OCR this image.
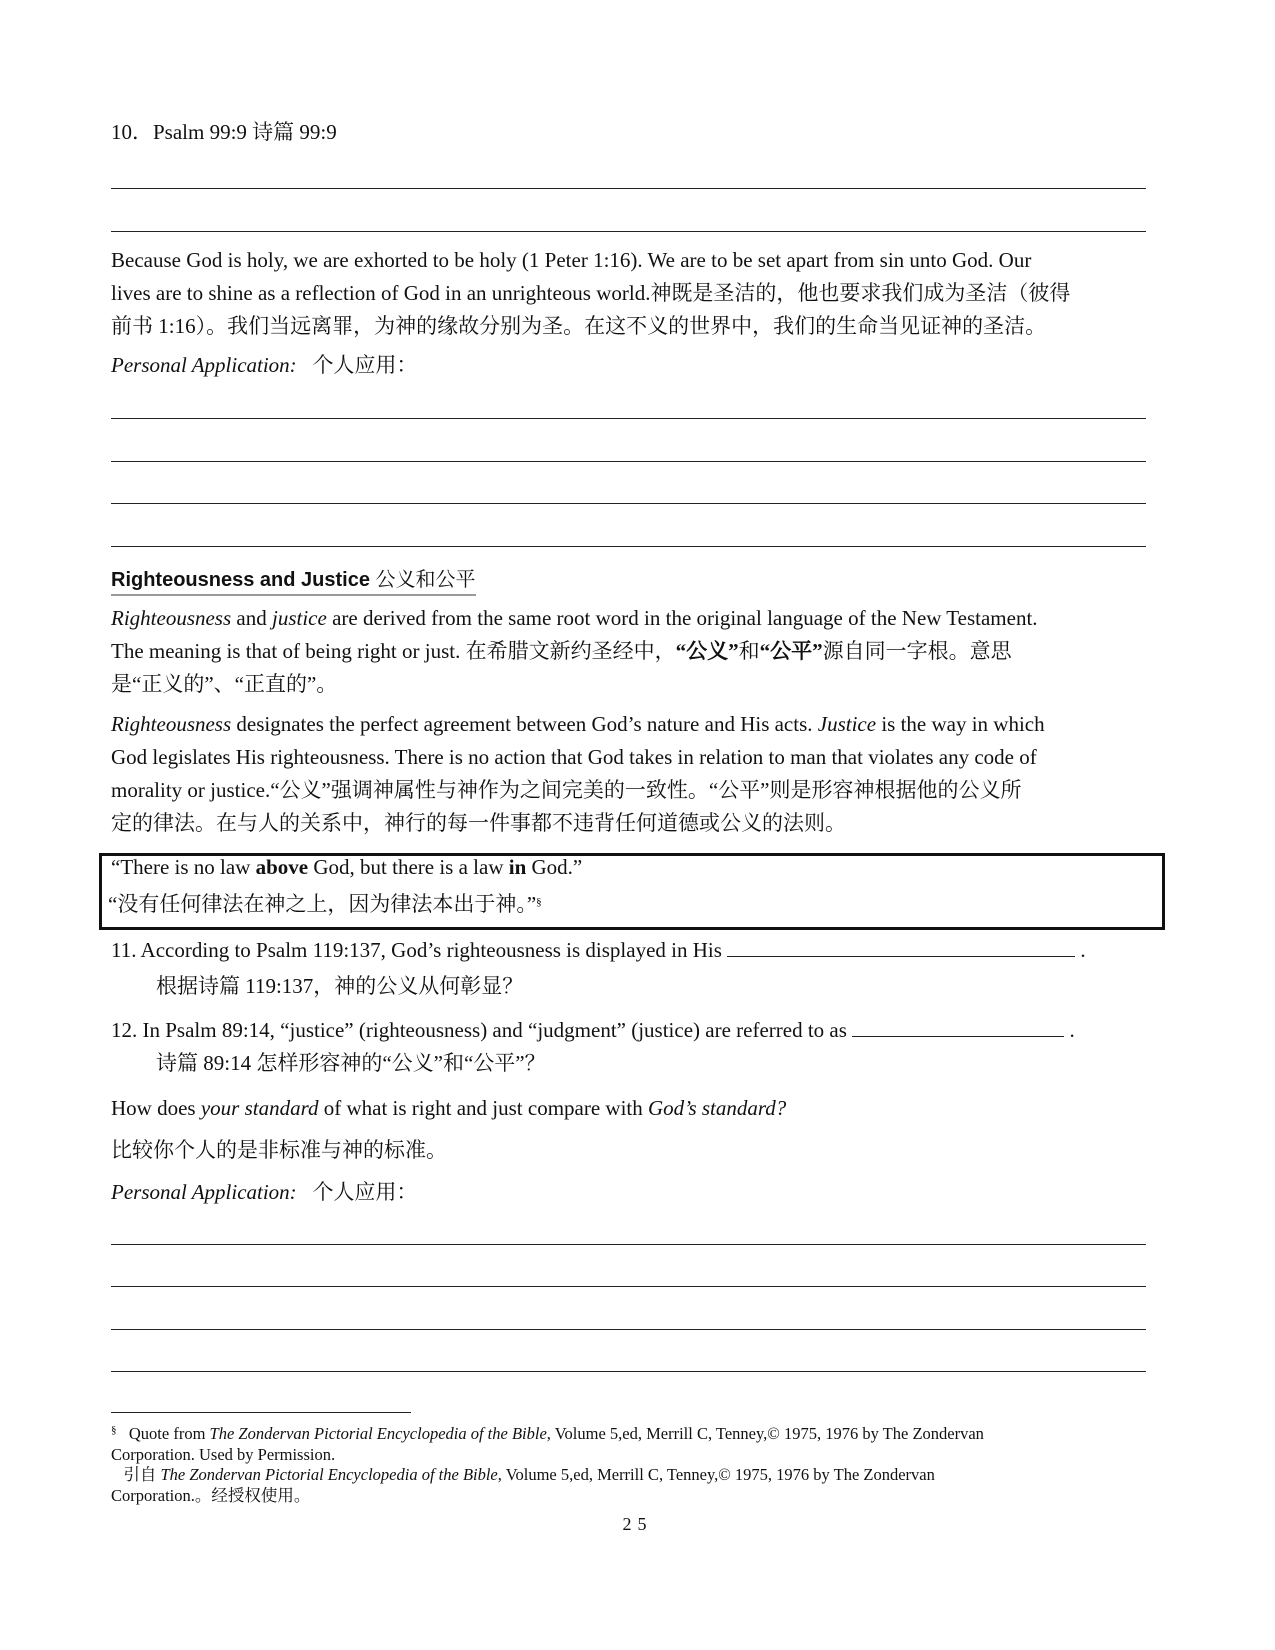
10．Psalm 99:9 诗篇 99:9
Because God is holy, we are exhorted to be holy (1 Peter 1:16). We are to be set apart from sin unto God. Our
lives are to shine as a reflection of God in an unrighteous world.神既是圣洁的，他也要求我们成为圣洁（彼得
前书 1:16）。我们当远离罪，为神的缘故分别为圣。在这不义的世界中，我们的生命当见证神的圣洁。
Personal Application: 个人应用：
Righteousness and Justice 公义和公平
Righteousness and justice are derived from the same root word in the original language of the New Testament.
The meaning is that of being right or just. 在希腊文新约圣经中，“公义”和“公平”源自同一字根。意思
是“正义的”、“正直的”。
Righteousness designates the perfect agreement between God’s nature and His acts. Justice is the way in which
God legislates His righteousness. There is no action that God takes in relation to man that violates any code of
morality or justice.“公义”强调神属性与神作为之间完美的一致性。“公平”则是形容神根据他的公义所
定的律法。在与人的关系中，神行的每一件事都不违背任何道德或公义的法则。
“There is no law above God, but there is a law in God.”
“没有任何律法在神之上，因为律法本出于神。”§
11. According to Psalm 119:137, God’s righteousness is displayed in His	.
根据诗篇 119:137，神的公义从何彰显？
12. In Psalm 89:14, “justice” (righteousness) and “judgment” (justice) are referred to as	.
诗篇 89:14 怎样形容神的“公义”和“公平”？
How does your standard of what is right and just compare with God’s standard?
比较你个人的是非标准与神的标准。
Personal Application: 个人应用：
§ Quote from The Zondervan Pictorial Encyclopedia of the Bible, Volume 5,ed, Merrill C, Tenney,© 1975, 1976 by The Zondervan
Corporation. Used by Permission.
引自 The Zondervan Pictorial Encyclopedia of the Bible, Volume 5,ed, Merrill C, Tenney,© 1975, 1976 by The Zondervan
Corporation.。经授权使用。
25
